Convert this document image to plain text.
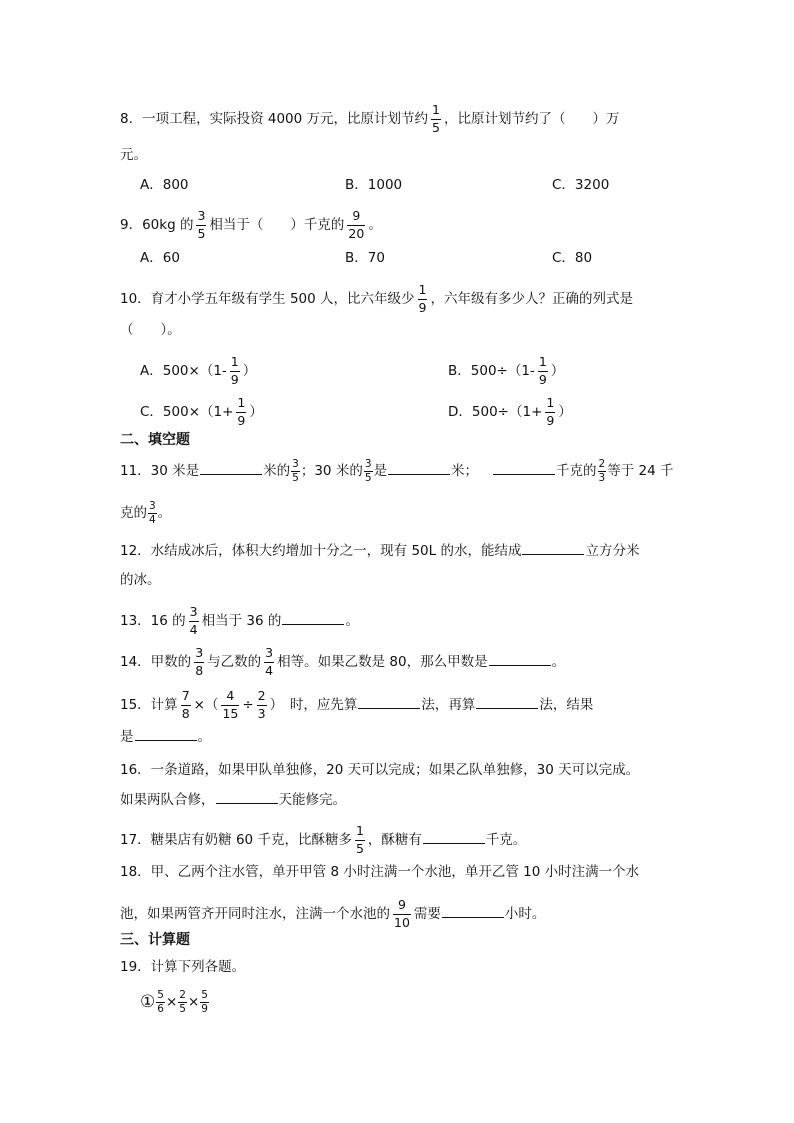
8．一项工程，实际投资 4000 万元，比原计划节约 $\frac{1}{5}$ ，比原计划节约了（　　）万
元。
A．800	B．1000	C．3200
9．60kg 的 $\frac{3}{5}$ 相当于（　　）千克的 $\frac{9}{20}$ 。
A．60	B．70	C．80
10．育才小学五年级有学生 500 人，比六年级少 $\frac{1}{9}$ ，六年级有多少人？正确的列式是
（　　）。
A．$500\times(1- \frac{1}{9}$ ）	B．$500\div(1- \frac{1}{9}$ ）
C．$500\times(1+ \frac{1}{9}$ ）	D．$500\div(1+ \frac{1}{9}$ ）
二、填空题
11．30 米是	米的 $\frac{3}{5}$ ；30 米的 $\frac{3}{5}$ 是	米；	千克的 $\frac{2}{3}$ 等于 24 千
克的 $\frac{3}{4}$ 。
12．水结成冰后，体积大约增加十分之一，现有 50L 的水，能结成	立方分米
的冰。
13．16 的 $\frac{3}{4}$ 相当于 36 的	。
14．甲数的 $\frac{3}{8}$ 与乙数的 $\frac{3}{4}$ 相等。如果乙数是 80，那么甲数是	。
15．计算 $\frac{7}{8}$ ×（ $\frac{4}{15} \div \frac{2}{3}$ ）　时，应先算	法，再算	法，结果
是	。
16．一条道路，如果甲队单独修，20 天可以完成；如果乙队单独修，30 天可以完成。
如果两队合修，	天能修完。
17．糖果店有奶糖 60 千克，比酥糖多 $\frac{1}{5}$ ，酥糖有	千克。
18．甲、乙两个注水管，单开甲管 8 小时注满一个水池，单开乙管 10 小时注满一个水
池，如果两管齐开同时注水，注满一个水池的 $\frac{9}{10}$ 需要	小时。
三、计算题
19．计算下列各题。
① $\frac{5}{6} \times \frac{2}{5} \times \frac{5}{9}$
